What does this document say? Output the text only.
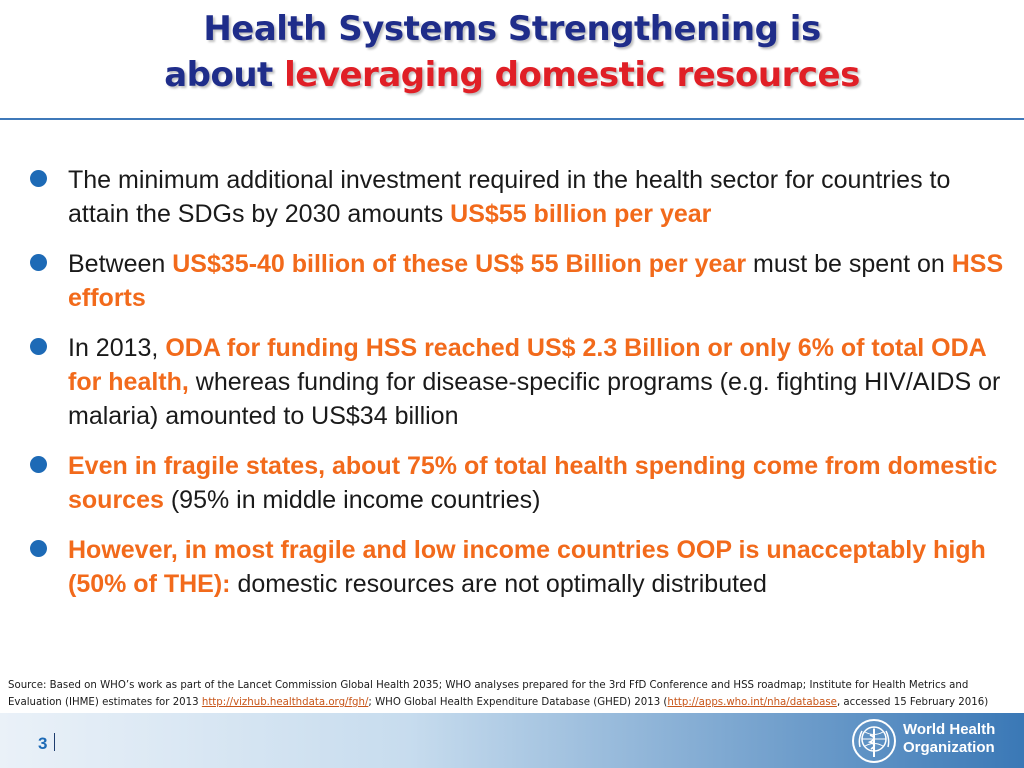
Health Systems Strengthening is
about leveraging domestic resources
The minimum additional investment required in the health sector for countries to attain the SDGs by 2030 amounts US$55 billion per year
Between US$35-40 billion of these US$ 55 Billion per year must be spent on HSS efforts
In 2013, ODA for funding HSS reached US$ 2.3 Billion or only 6% of total ODA for health, whereas funding for disease-specific programs (e.g. fighting HIV/AIDS or malaria) amounted to US$34 billion
Even in fragile states, about 75% of total health spending come from domestic sources (95% in middle income countries)
However, in most fragile and low income countries OOP is unacceptably high (50% of THE): domestic resources are not optimally distributed
Source: Based on WHO’s work as part of the Lancet Commission Global Health 2035; WHO analyses prepared for the 3rd FfD Conference and HSS roadmap; Institute for Health Metrics and Evaluation (IHME) estimates for 2013 http://vizhub.healthdata.org/fgh/; WHO Global Health Expenditure Database (GHED) 2013 (http://apps.who.int/nha/database, accessed 15 February 2016)
3
World Health
Organization
